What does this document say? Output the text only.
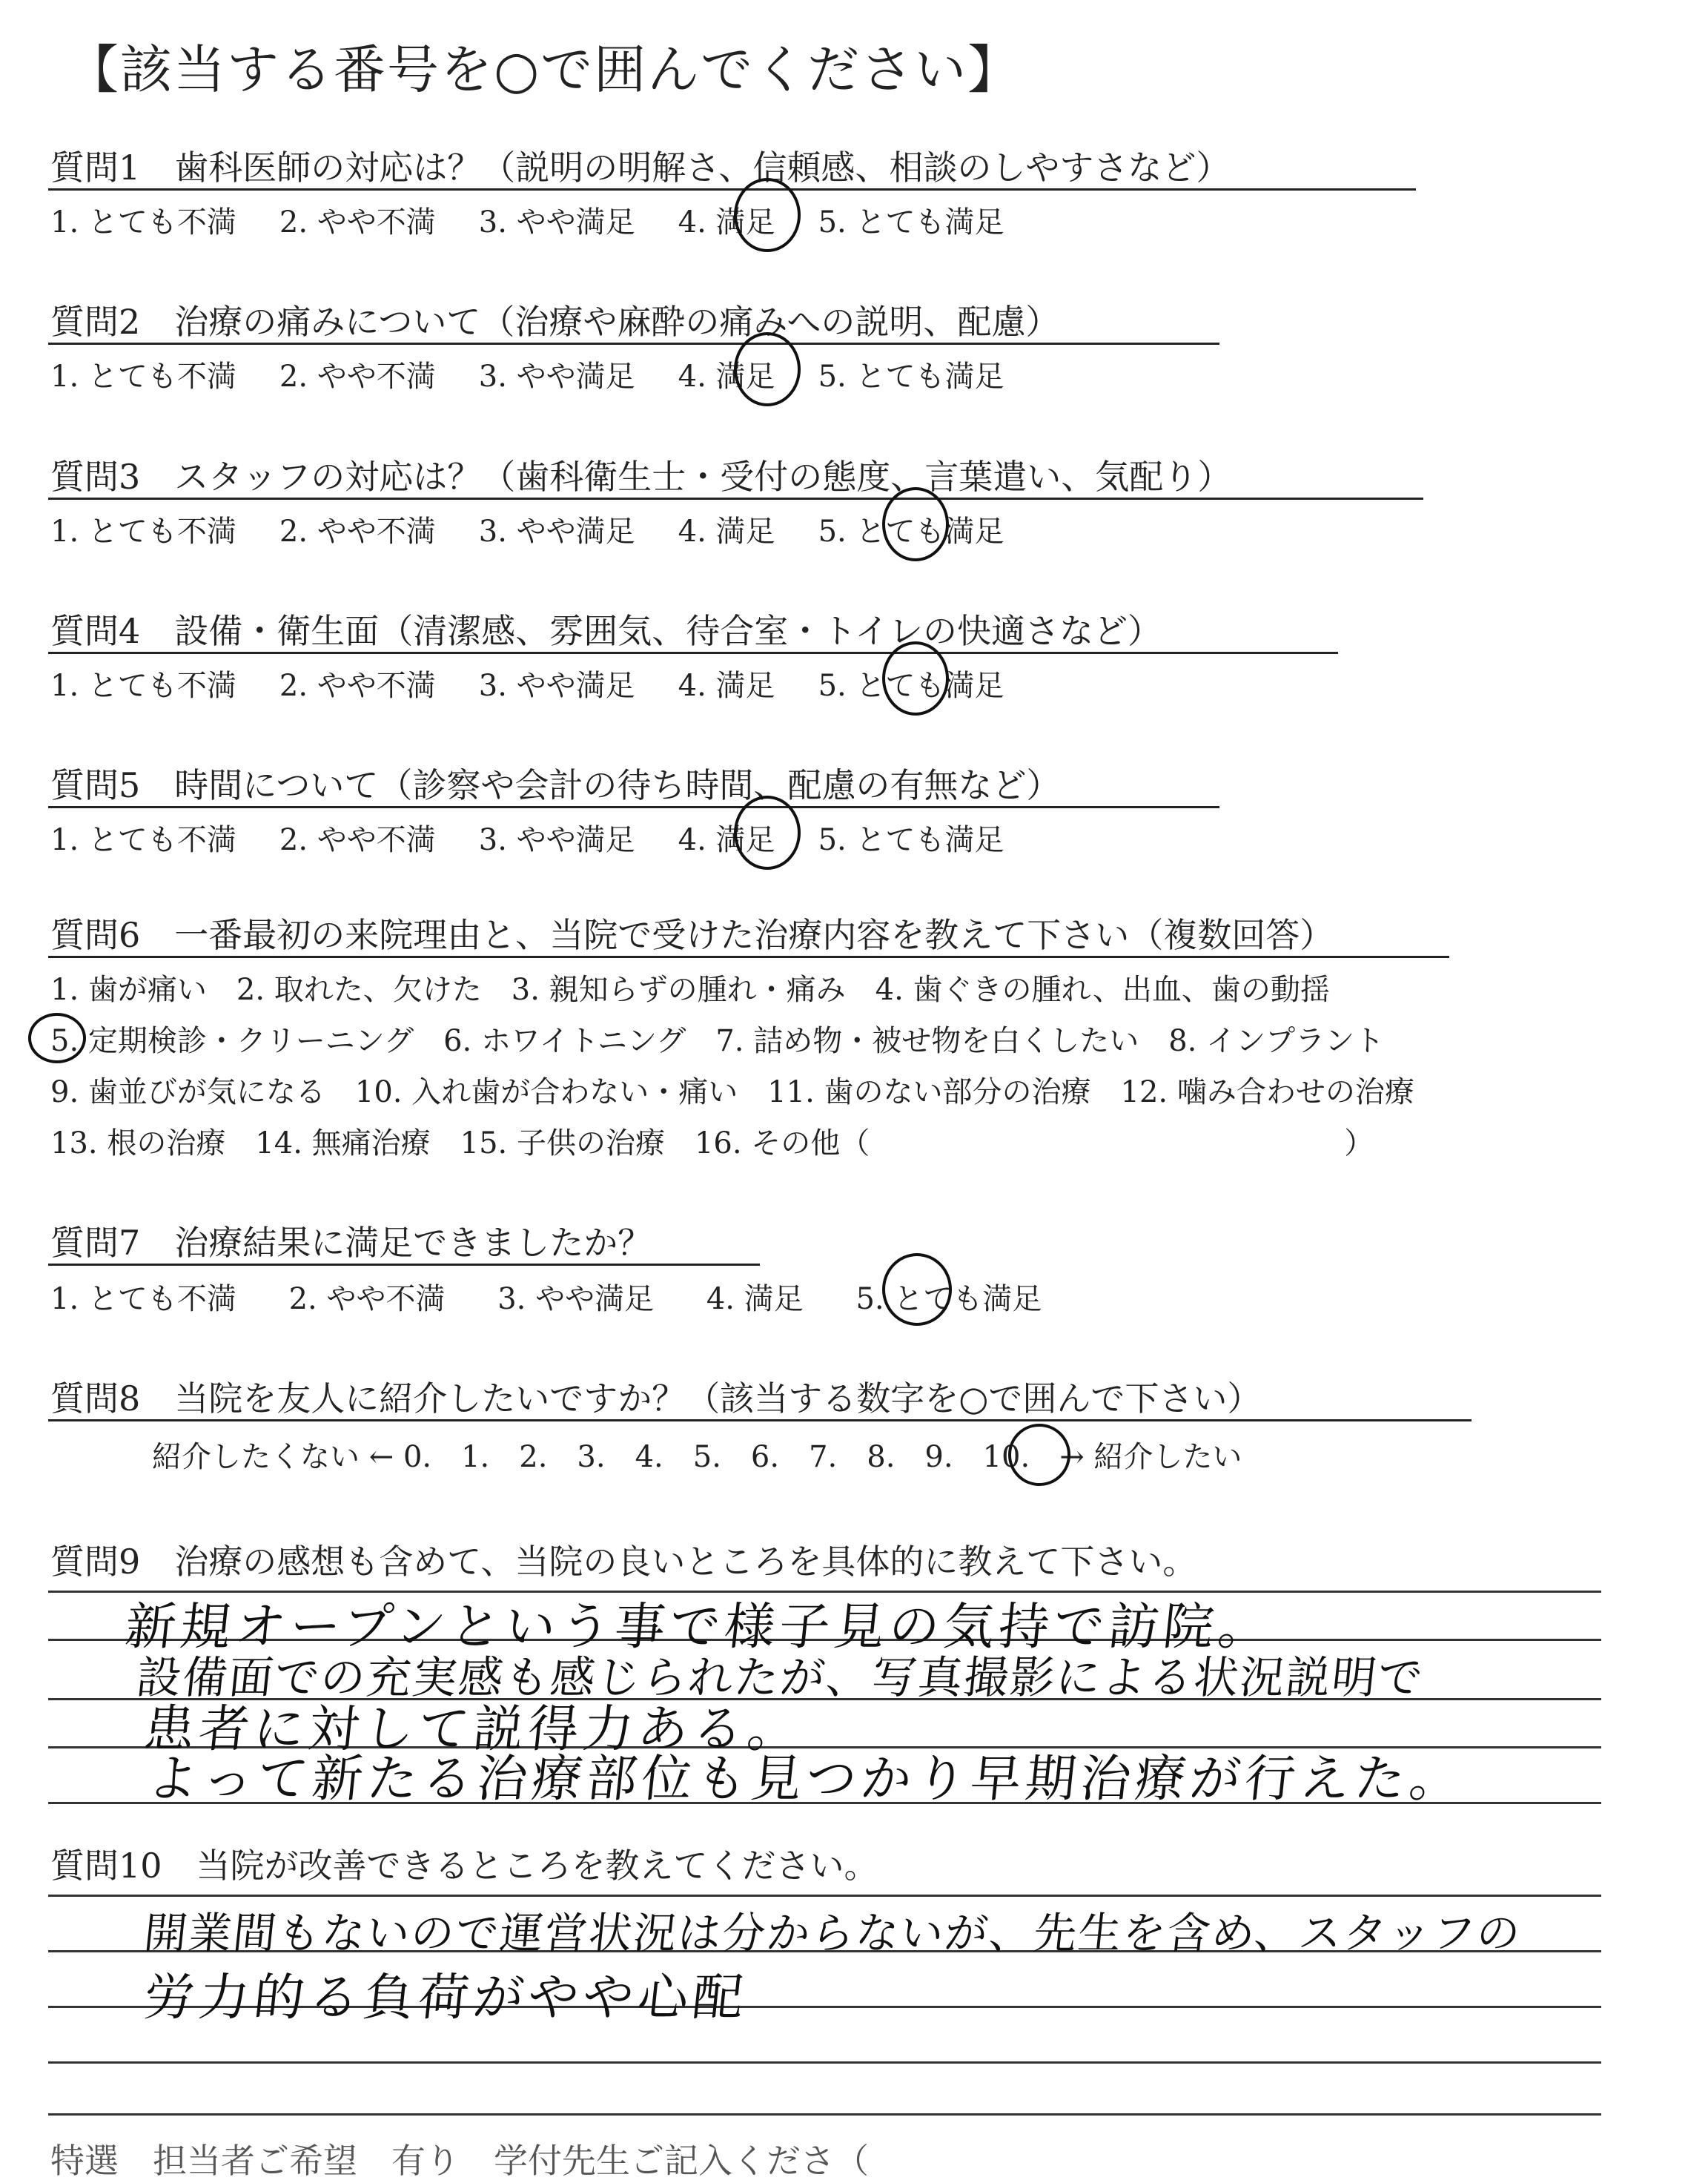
【該当する番号を○で囲んでください】
質問1　歯科医師の対応は？（説明の明解さ、信頼感、相談のしやすさなど）
1. とても不満 2. やや不満 3. やや満足 4. 満足 5. とても満足
質問2　治療の痛みについて（治療や麻酔の痛みへの説明、配慮）
1. とても不満 2. やや不満 3. やや満足 4. 満足 5. とても満足
質問3　スタッフの対応は？（歯科衛生士・受付の態度、言葉遣い、気配り）
1. とても不満 2. やや不満 3. やや満足 4. 満足 5. とても満足
質問4　設備・衛生面（清潔感、雰囲気、待合室・トイレの快適さなど）
1. とても不満 2. やや不満 3. やや満足 4. 満足 5. とても満足
質問5　時間について（診察や会計の待ち時間、配慮の有無など）
1. とても不満 2. やや不満 3. やや満足 4. 満足 5. とても満足
質問6　一番最初の来院理由と、当院で受けた治療内容を教えて下さい（複数回答）
1. 歯が痛い　2. 取れた、欠けた　3. 親知らずの腫れ・痛み　4. 歯ぐきの腫れ、出血、歯の動揺
5. 定期検診・クリーニング　6. ホワイトニング　7. 詰め物・被せ物を白くしたい　8. インプラント
9. 歯並びが気になる　10. 入れ歯が合わない・痛い　11. 歯のない部分の治療　12. 噛み合わせの治療
13. 根の治療　14. 無痛治療　15. 子供の治療　16. その他（　　　　　　　　　　　　　　　　）
質問7　治療結果に満足できましたか？
1. とても不満 2. やや不満 3. やや満足 4. 満足 5. とても満足
質問8　当院を友人に紹介したいですか？（該当する数字を○で囲んで下さい）
紹介したくない ← 0.　1.　2.　3.　4.　5.　6.　7.　8.　9.　10.　→ 紹介したい
質問9　治療の感想も含めて、当院の良いところを具体的に教えて下さい。
新規オープンという事で様子見の気持で訪院。
設備面での充実感も感じられたが、写真撮影による状況説明で
患者に対して説得力ある。
よって新たる治療部位も見つかり早期治療が行えた。
質問10　当院が改善できるところを教えてください。
開業間もないので運営状況は分からないが、先生を含め、スタッフの
労力的る負荷がやや心配
特選　担当者ご希望　有り　学付先生ご記入くださ（
